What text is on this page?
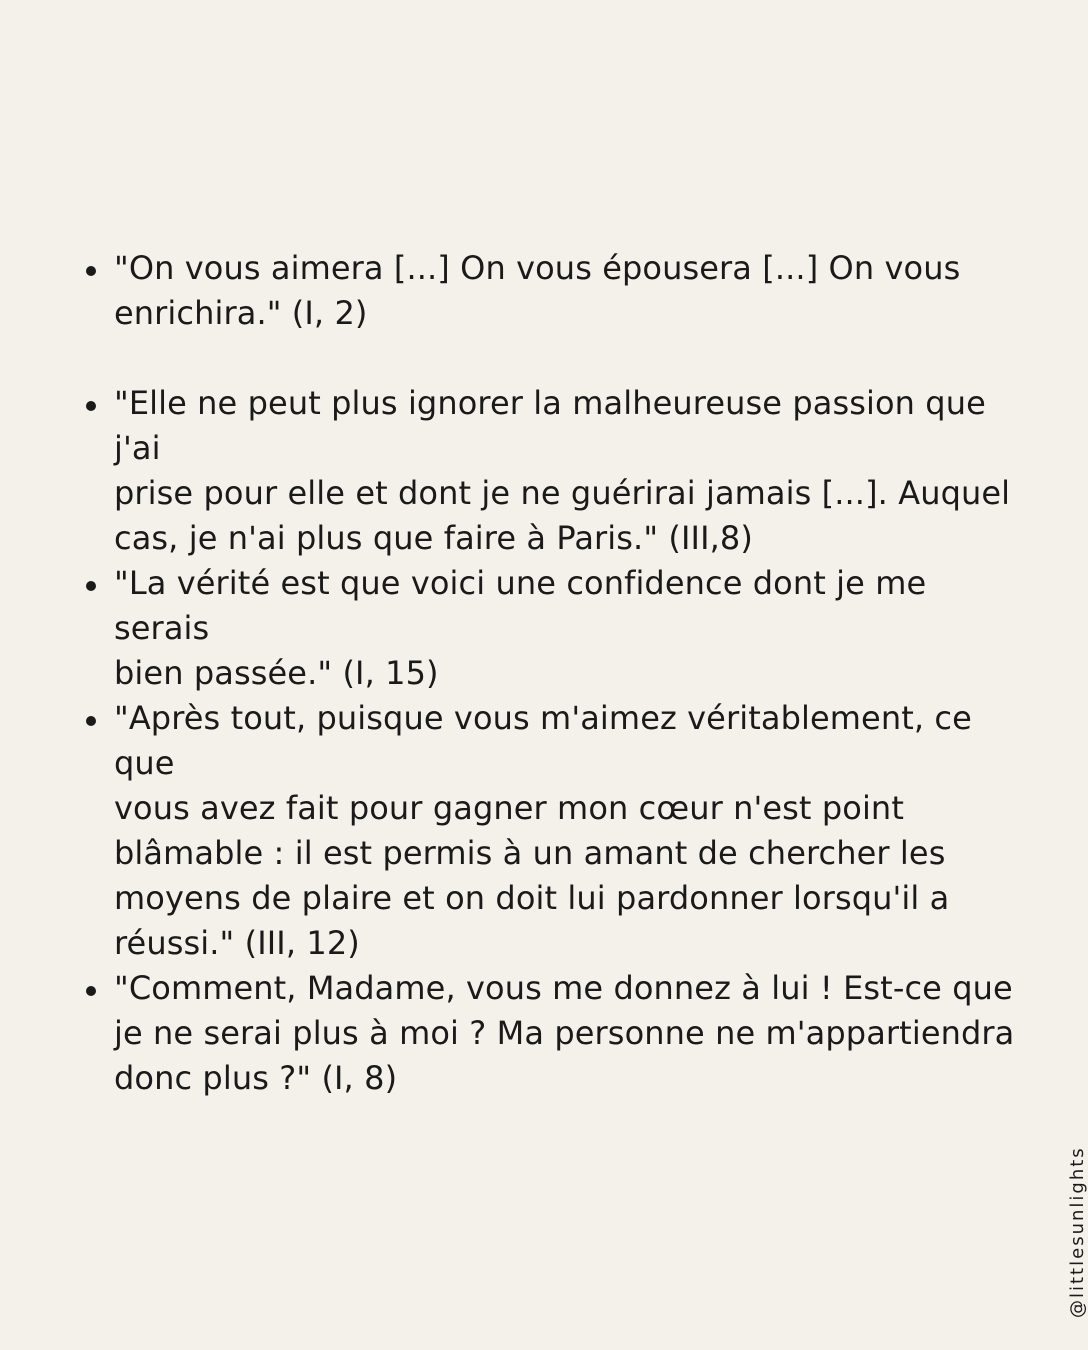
"On vous aimera [...] On vous épousera [...] On vous
enrichira." (I, 2)

"Elle ne peut plus ignorer la malheureuse passion que j'ai
prise pour elle et dont je ne guérirai jamais [...]. Auquel
cas, je n'ai plus que faire à Paris." (III,8)

"La vérité est que voici une confidence dont je me serais
bien passée." (I, 15)

"Après tout, puisque vous m'aimez véritablement, ce que
vous avez fait pour gagner mon cœur n'est point
blâmable : il est permis à un amant de chercher les
moyens de plaire et on doit lui pardonner lorsqu'il a
réussi." (III, 12)

"Comment, Madame, vous me donnez à lui ! Est-ce que
je ne serai plus à moi ? Ma personne ne m'appartiendra
donc plus ?" (I, 8)

@littlesunlights
